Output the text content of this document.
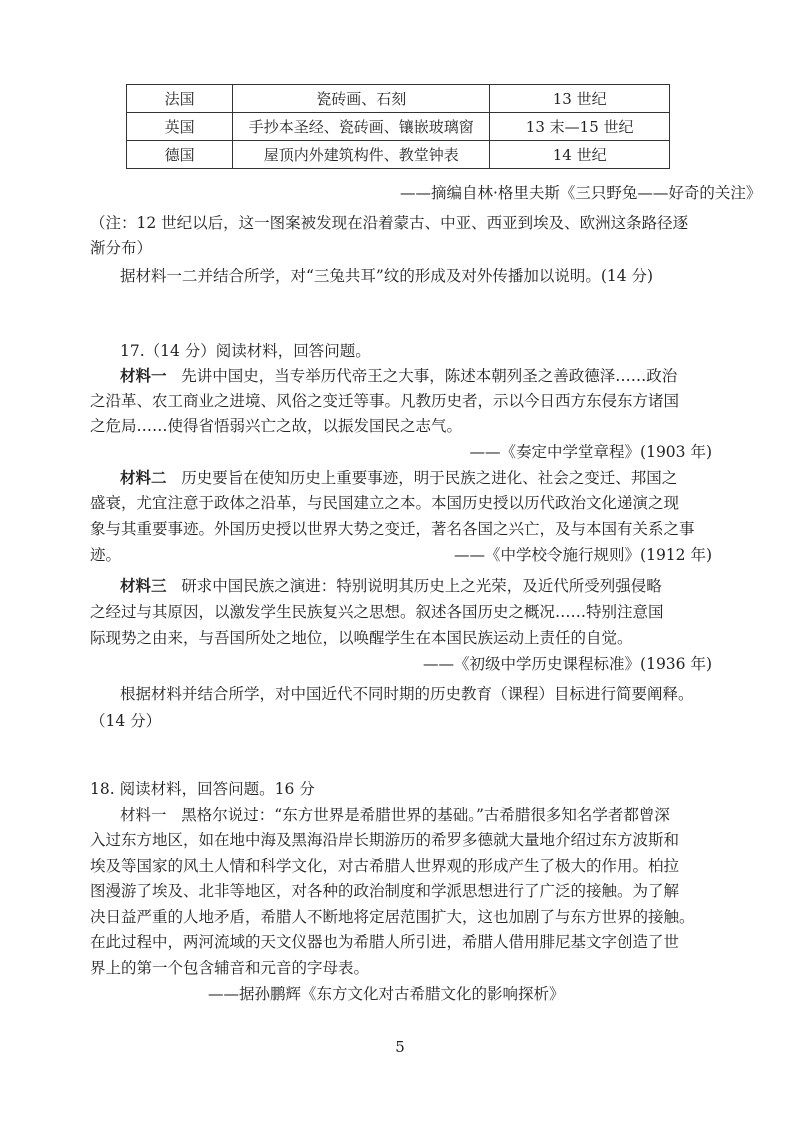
法国	瓷砖画、石刻	13 世纪
英国	手抄本圣经、瓷砖画、镶嵌玻璃窗	13 末—15 世纪
德国	屋顶内外建筑构件、教堂钟表	14 世纪
——摘编自林·格里夫斯《三只野兔——好奇的关注》
（注：12 世纪以后，这一图案被发现在沿着蒙古、中亚、西亚到埃及、欧洲这条路径逐
渐分布）
据材料一二并结合所学，对“三兔共耳”纹的形成及对外传播加以说明。(14 分)
17.（14 分）阅读材料，回答问题。
材料一 先讲中国史，当专举历代帝王之大事，陈述本朝列圣之善政德泽……政治
之沿革、农工商业之进境、风俗之变迁等事。凡教历史者，示以今日西方东侵东方诸国
之危局……使得省悟弱兴亡之故，以振发国民之志气。
——《奏定中学堂章程》(1903 年)
材料二 历史要旨在使知历史上重要事迹，明于民族之进化、社会之变迁、邦国之
盛衰，尤宜注意于政体之沿革，与民国建立之本。本国历史授以历代政治文化递演之现
象与其重要事迹。外国历史授以世界大势之变迁，著名各国之兴亡，及与本国有关系之事
迹。	——《中学校令施行规则》(1912 年)
材料三 研求中国民族之演进：特别说明其历史上之光荣，及近代所受列强侵略
之经过与其原因，以激发学生民族复兴之思想。叙述各国历史之概况……特别注意国
际现势之由来，与吾国所处之地位，以唤醒学生在本国民族运动上责任的自觉。
——《初级中学历史课程标准》(1936 年)
根据材料并结合所学，对中国近代不同时期的历史教育（课程）目标进行简要阐释。
（14 分）
18. 阅读材料，回答问题。16 分
材料一 黑格尔说过：“东方世界是希腊世界的基础。”古希腊很多知名学者都曾深
入过东方地区，如在地中海及黑海沿岸长期游历的希罗多德就大量地介绍过东方波斯和
埃及等国家的风土人情和科学文化，对古希腊人世界观的形成产生了极大的作用。柏拉
图漫游了埃及、北非等地区，对各种的政治制度和学派思想进行了广泛的接触。为了解
决日益严重的人地矛盾，希腊人不断地将定居范围扩大，这也加剧了与东方世界的接触。
在此过程中，两河流域的天文仪器也为希腊人所引进，希腊人借用腓尼基文字创造了世
界上的第一个包含辅音和元音的字母表。
——据孙鹏辉《东方文化对古希腊文化的影响探析》
5
